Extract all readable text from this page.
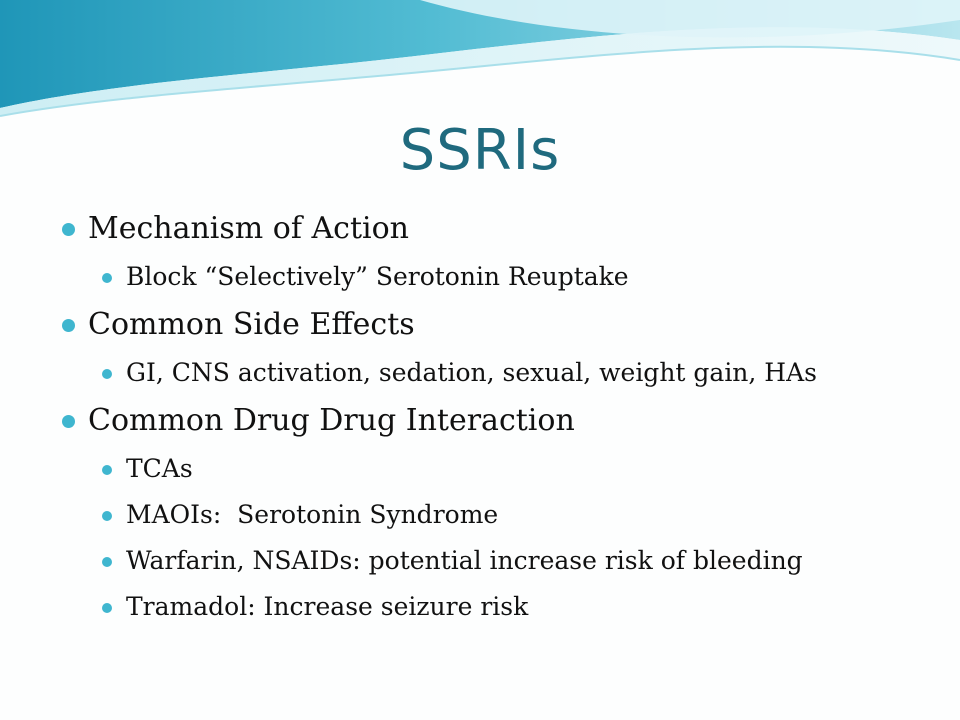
SSRIs
Mechanism of Action
Block “Selectively” Serotonin Reuptake
Common Side Effects
GI, CNS activation, sedation, sexual, weight gain, HAs
Common Drug Drug Interaction
TCAs
MAOIs:  Serotonin Syndrome
Warfarin, NSAIDs: potential increase risk of bleeding
Tramadol: Increase seizure risk
